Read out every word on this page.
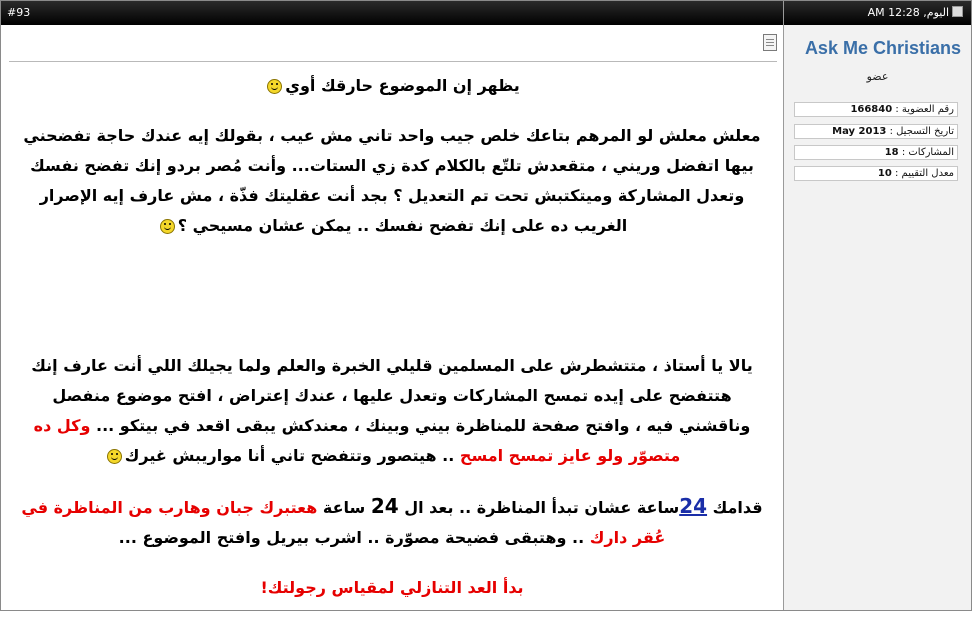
#93
يظهر إن الموضوع حارقك أوي
معلش معلش لو المرهم بتاعك خلص جيب واحد تاني مش عيب ، بقولك إيه عندك حاجة تفضحني
بيها اتفضل وريني ، متقعدش تلتّع بالكلام كدة زي الستات... وأنت مُصر بردو إنك تفضح نفسك
وتعدل المشاركة وميتكتبش تحت تم التعديل ؟ بجد أنت عقليتك فذّة ، مش عارف إيه الإصرار
الغريب ده على إنك تفضح نفسك .. يمكن عشان مسيحي ؟
يالا يا أستاذ ، متتشطرش على المسلمين قليلي الخبرة والعلم ولما يجيلك اللي أنت عارف إنك
هتتفضح على إيده تمسح المشاركات وتعدل عليها ، عندك إعتراض ، افتح موضوع منفصل
وناقشني فيه ، وافتح صفحة للمناظرة بيني وبينك ، معندكش يبقى اقعد في بيتكو ... وكل ده
متصوّر ولو عايز تمسح امسح .. هيتصور وتتفضح تاني أنا مواريبش غيرك
قدامك 24ساعة عشان تبدأ المناظرة .. بعد ال 24 ساعة هعتبرك جبان وهارب من المناظرة في
عُقر دارك .. وهتبقى فضيحة مصوّرة .. اشرب بيريل وافتح الموضوع ...
بدأ العد التنازلي لمقياس رجولتك!
اليوم, 12:28 AM
Ask Me Christians
عضو
رقم العضوية : 166840
تاريخ التسجيل : May 2013
المشاركات : 18
معدل التقييم : 10
